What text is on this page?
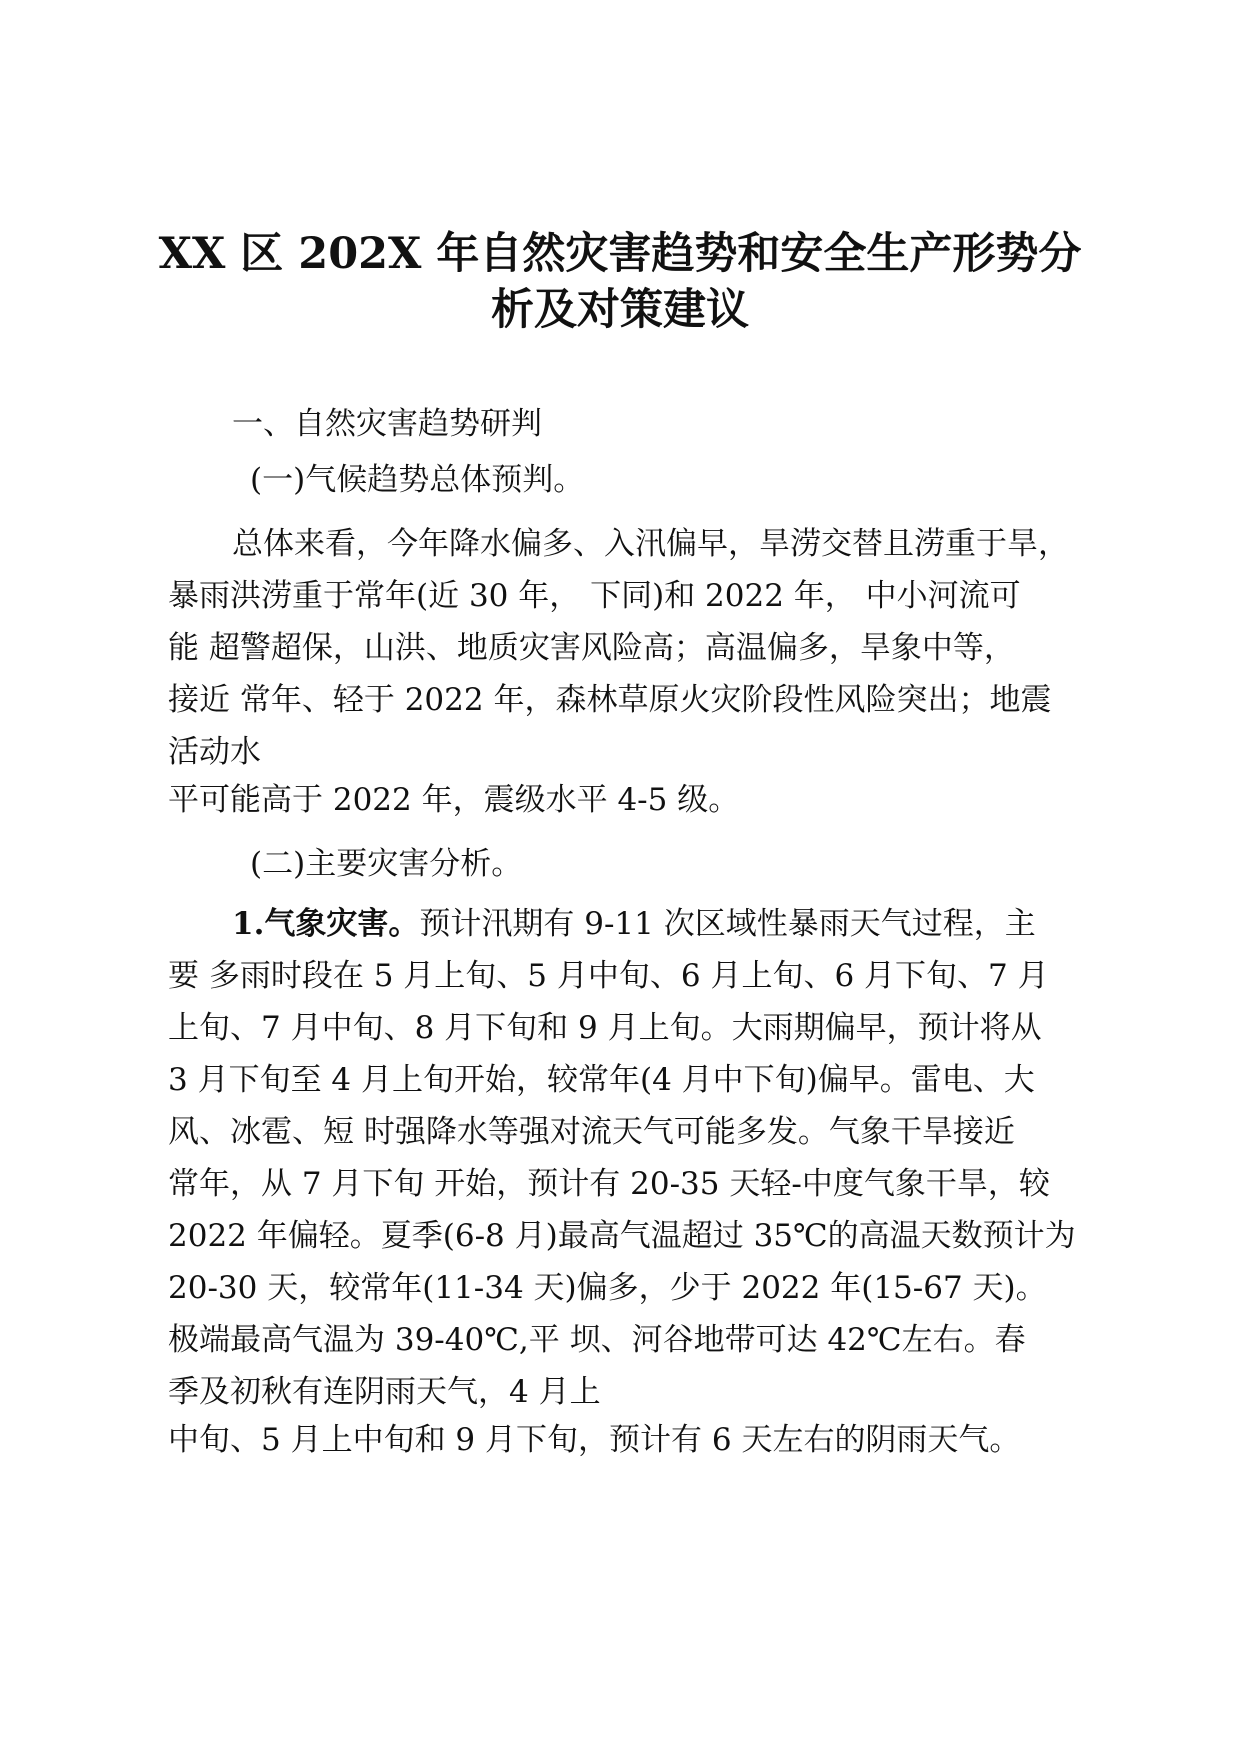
XX 区 202X 年自然灾害趋势和安全生产形势分
析及对策建议

一、自然灾害趋势研判

(一)气候趋势总体预判。

总体来看，今年降水偏多、入汛偏早，旱涝交替且涝重于旱，

暴雨洪涝重于常年(近 30 年， 下同)和 2022 年， 中小河流可

能 超警超保，山洪、地质灾害风险高；高温偏多，旱象中等，

接近 常年、轻于 2022 年，森林草原火灾阶段性风险突出；地震

活动水

平可能高于 2022 年，震级水平 4-5 级。

(二)主要灾害分析。

1.气象灾害。预计汛期有 9-11 次区域性暴雨天气过程，主

要 多雨时段在 5 月上旬、5 月中旬、6 月上旬、6 月下旬、7 月

上旬、7 月中旬、8 月下旬和 9 月上旬。大雨期偏早，预计将从

3 月下旬至 4 月上旬开始，较常年(4 月中下旬)偏早。雷电、大

风、冰雹、短 时强降水等强对流天气可能多发。气象干旱接近

常年，从 7 月下旬 开始，预计有 20-35 天轻-中度气象干旱，较

2022 年偏轻。夏季(6-8 月)最高气温超过 35℃的高温天数预计为

20-30 天，较常年(11-34 天)偏多，少于 2022 年(15-67 天)。

极端最高气温为 39-40℃,平 坝、河谷地带可达 42℃左右。春

季及初秋有连阴雨天气，4 月上

中旬、5 月上中旬和 9 月下旬，预计有 6 天左右的阴雨天气。
